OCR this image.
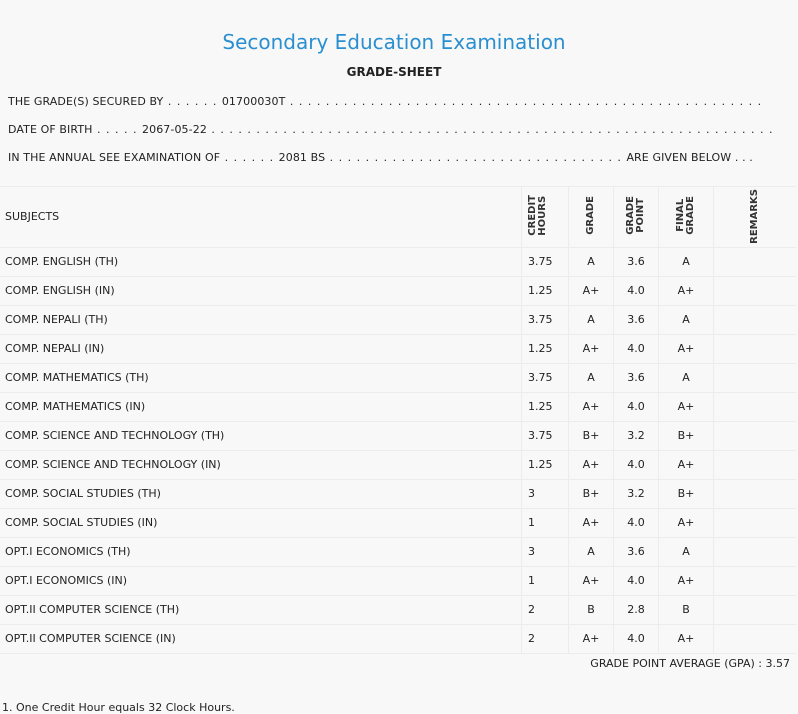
Secondary Education Examination
GRADE-SHEET
THE GRADE(S) SECURED BY . . . . . . 01700030T . . . . . . . . . . . . . . . . . . . . . . . . . . . . . . . . . . . . . . . . . . . . . . . . . . . . .
DATE OF BIRTH . . . . . 2067-05-22 . . . . . . . . . . . . . . . . . . . . . . . . . . . . . . . . . . . . . . . . . . . . . . . . . . . . . . . . . . . . . . .
IN THE ANNUAL SEE EXAMINATION OF . . . . . . 2081 BS . . . . . . . . . . . . . . . . . . . . . . . . . . . . . . . . . ARE GIVEN BELOW . . .
SUBJECTS	CREDIT HOURS	GRADE	GRADE POINT	FINAL GRADE	REMARKS

COMP. ENGLISH (TH)	3.75	A	3.6	A	
COMP. ENGLISH (IN)	1.25	A+	4.0	A+	
COMP. NEPALI (TH)	3.75	A	3.6	A	
COMP. NEPALI (IN)	1.25	A+	4.0	A+	
COMP. MATHEMATICS (TH)	3.75	A	3.6	A	
COMP. MATHEMATICS (IN)	1.25	A+	4.0	A+	
COMP. SCIENCE AND TECHNOLOGY (TH)	3.75	B+	3.2	B+	
COMP. SCIENCE AND TECHNOLOGY (IN)	1.25	A+	4.0	A+	
COMP. SOCIAL STUDIES (TH)	3	B+	3.2	B+	
COMP. SOCIAL STUDIES (IN)	1	A+	4.0	A+	
OPT.I ECONOMICS (TH)	3	A	3.6	A	
OPT.I ECONOMICS (IN)	1	A+	4.0	A+	
OPT.II COMPUTER SCIENCE (TH)	2	B	2.8	B	
OPT.II COMPUTER SCIENCE (IN)	2	A+	4.0	A+	
GRADE POINT AVERAGE (GPA) : 3.57
1. One Credit Hour equals 32 Clock Hours.
